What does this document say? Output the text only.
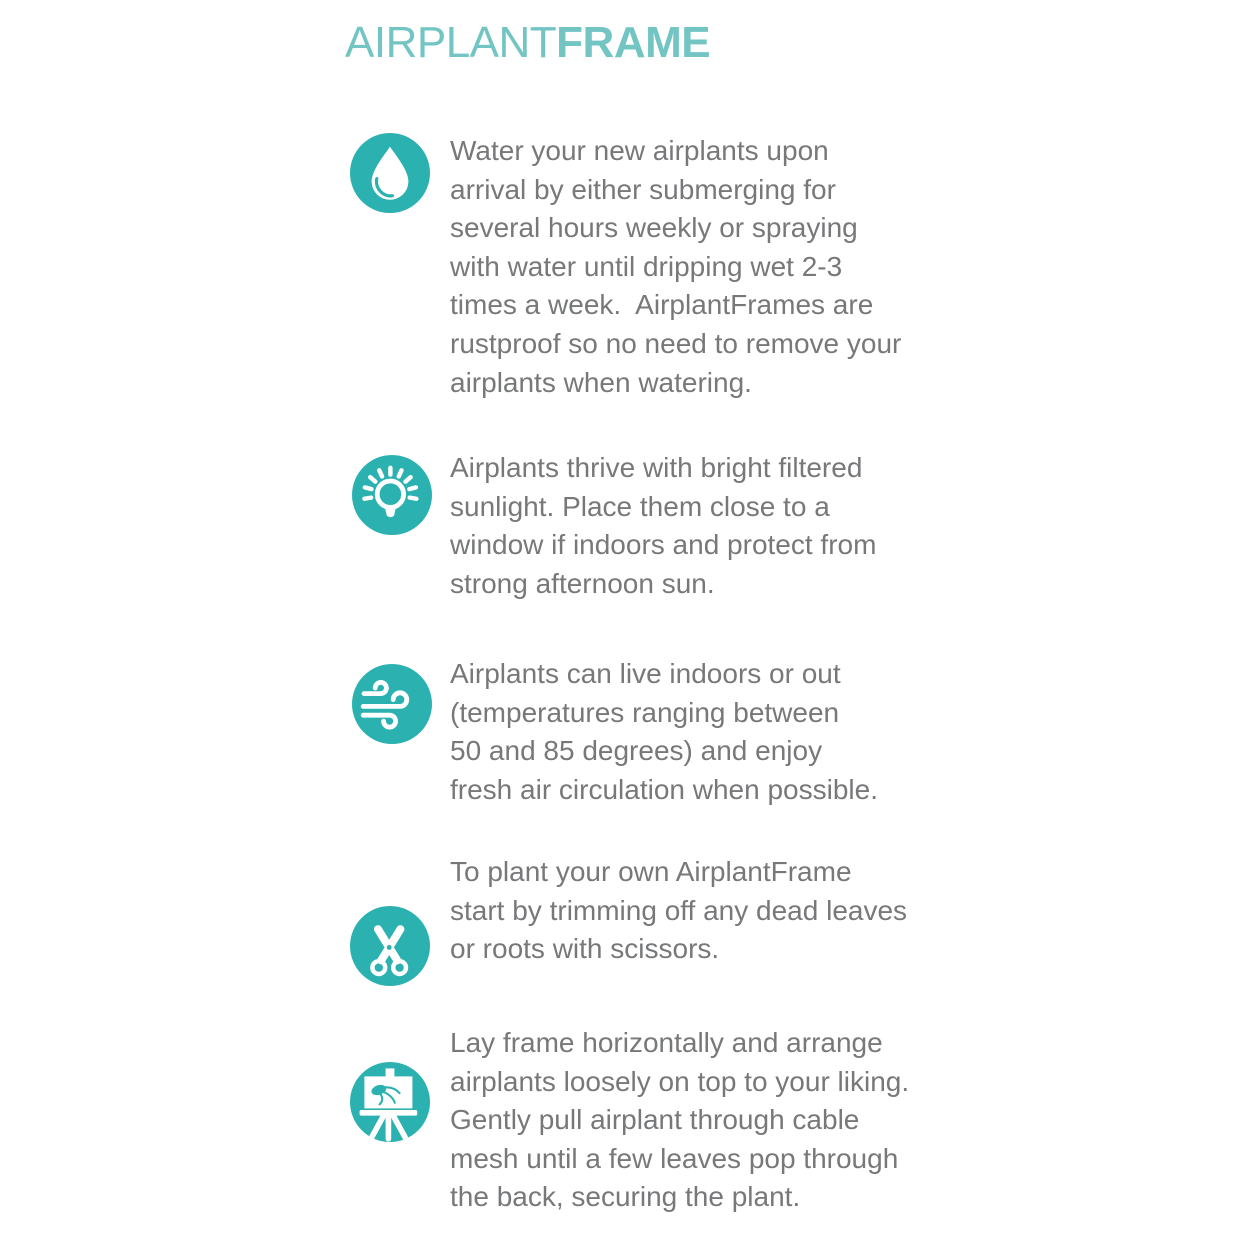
AIRPLANTFRAME
Water your new airplants upon
arrival by either submerging for
several hours weekly or spraying
with water until dripping wet 2-3
times a week.  AirplantFrames are
rustproof so no need to remove your
airplants when watering.
Airplants thrive with bright filtered
sunlight. Place them close to a
window if indoors and protect from
strong afternoon sun.
Airplants can live indoors or out
(temperatures ranging between
50 and 85 degrees) and enjoy
fresh air circulation when possible.
To plant your own AirplantFrame
start by trimming off any dead leaves
or roots with scissors.
Lay frame horizontally and arrange
airplants loosely on top to your liking.
Gently pull airplant through cable
mesh until a few leaves pop through
the back, securing the plant.
